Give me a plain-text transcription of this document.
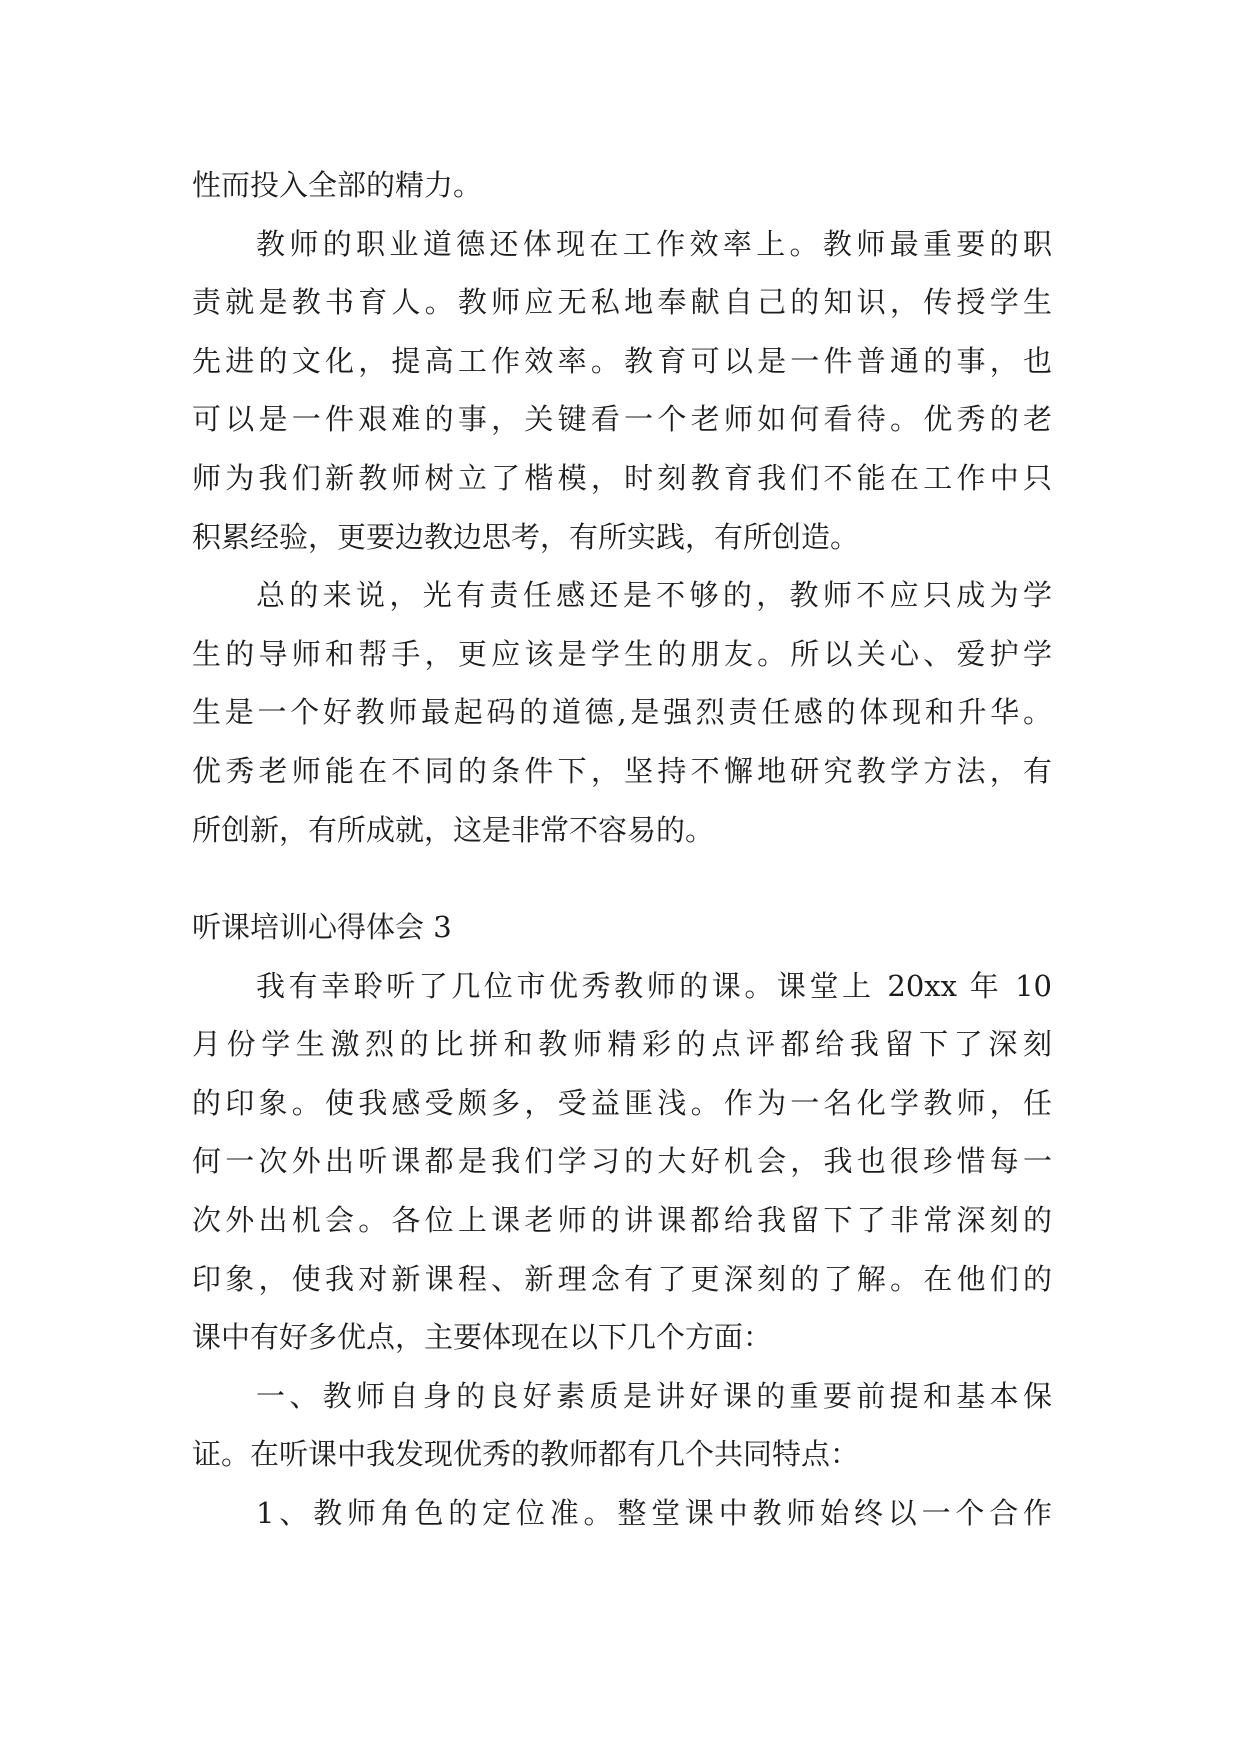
性而投入全部的精力。
教师的职业道德还体现在工作效率上。教师最重要的职
责就是教书育人。教师应无私地奉献自己的知识，传授学生
先进的文化，提高工作效率。教育可以是一件普通的事，也
可以是一件艰难的事，关键看一个老师如何看待。优秀的老
师为我们新教师树立了楷模，时刻教育我们不能在工作中只
积累经验，更要边教边思考，有所实践，有所创造。
总的来说，光有责任感还是不够的，教师不应只成为学
生的导师和帮手，更应该是学生的朋友。所以关心、爱护学
生是一个好教师最起码的道德,是强烈责任感的体现和升华。
优秀老师能在不同的条件下，坚持不懈地研究教学方法，有
所创新，有所成就，这是非常不容易的。
听课培训心得体会 3
我有幸聆听了几位市优秀教师的课。课堂上 20xx 年 10
月份学生激烈的比拼和教师精彩的点评都给我留下了深刻
的印象。使我感受颇多，受益匪浅。作为一名化学教师，任
何一次外出听课都是我们学习的大好机会，我也很珍惜每一
次外出机会。各位上课老师的讲课都给我留下了非常深刻的
印象，使我对新课程、新理念有了更深刻的了解。在他们的
课中有好多优点，主要体现在以下几个方面：
一、教师自身的良好素质是讲好课的重要前提和基本保
证。在听课中我发现优秀的教师都有几个共同特点：
1、教师角色的定位准。整堂课中教师始终以一个合作
